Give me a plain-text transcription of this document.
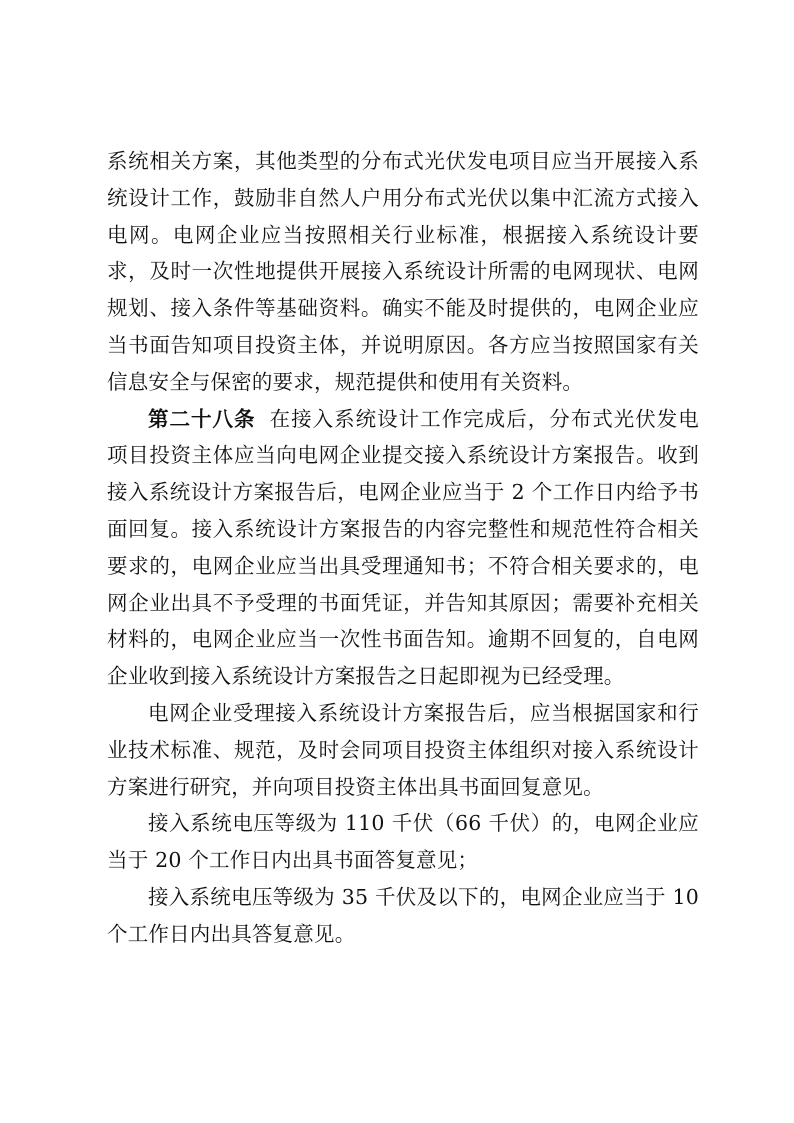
系统相关方案，其他类型的分布式光伏发电项目应当开展接入系统设计工作，鼓励非自然人户用分布式光伏以集中汇流方式接入电网。电网企业应当按照相关行业标准，根据接入系统设计要求，及时一次性地提供开展接入系统设计所需的电网现状、电网规划、接入条件等基础资料。确实不能及时提供的，电网企业应当书面告知项目投资主体，并说明原因。各方应当按照国家有关信息安全与保密的要求，规范提供和使用有关资料。

第二十八条 在接入系统设计工作完成后，分布式光伏发电项目投资主体应当向电网企业提交接入系统设计方案报告。收到接入系统设计方案报告后，电网企业应当于 2 个工作日内给予书面回复。接入系统设计方案报告的内容完整性和规范性符合相关要求的，电网企业应当出具受理通知书；不符合相关要求的，电网企业出具不予受理的书面凭证，并告知其原因；需要补充相关材料的，电网企业应当一次性书面告知。逾期不回复的，自电网企业收到接入系统设计方案报告之日起即视为已经受理。

电网企业受理接入系统设计方案报告后，应当根据国家和行业技术标准、规范，及时会同项目投资主体组织对接入系统设计方案进行研究，并向项目投资主体出具书面回复意见。

接入系统电压等级为 110 千伏（66 千伏）的，电网企业应当于 20 个工作日内出具书面答复意见；

接入系统电压等级为 35 千伏及以下的，电网企业应当于 10 个工作日内出具答复意见。
